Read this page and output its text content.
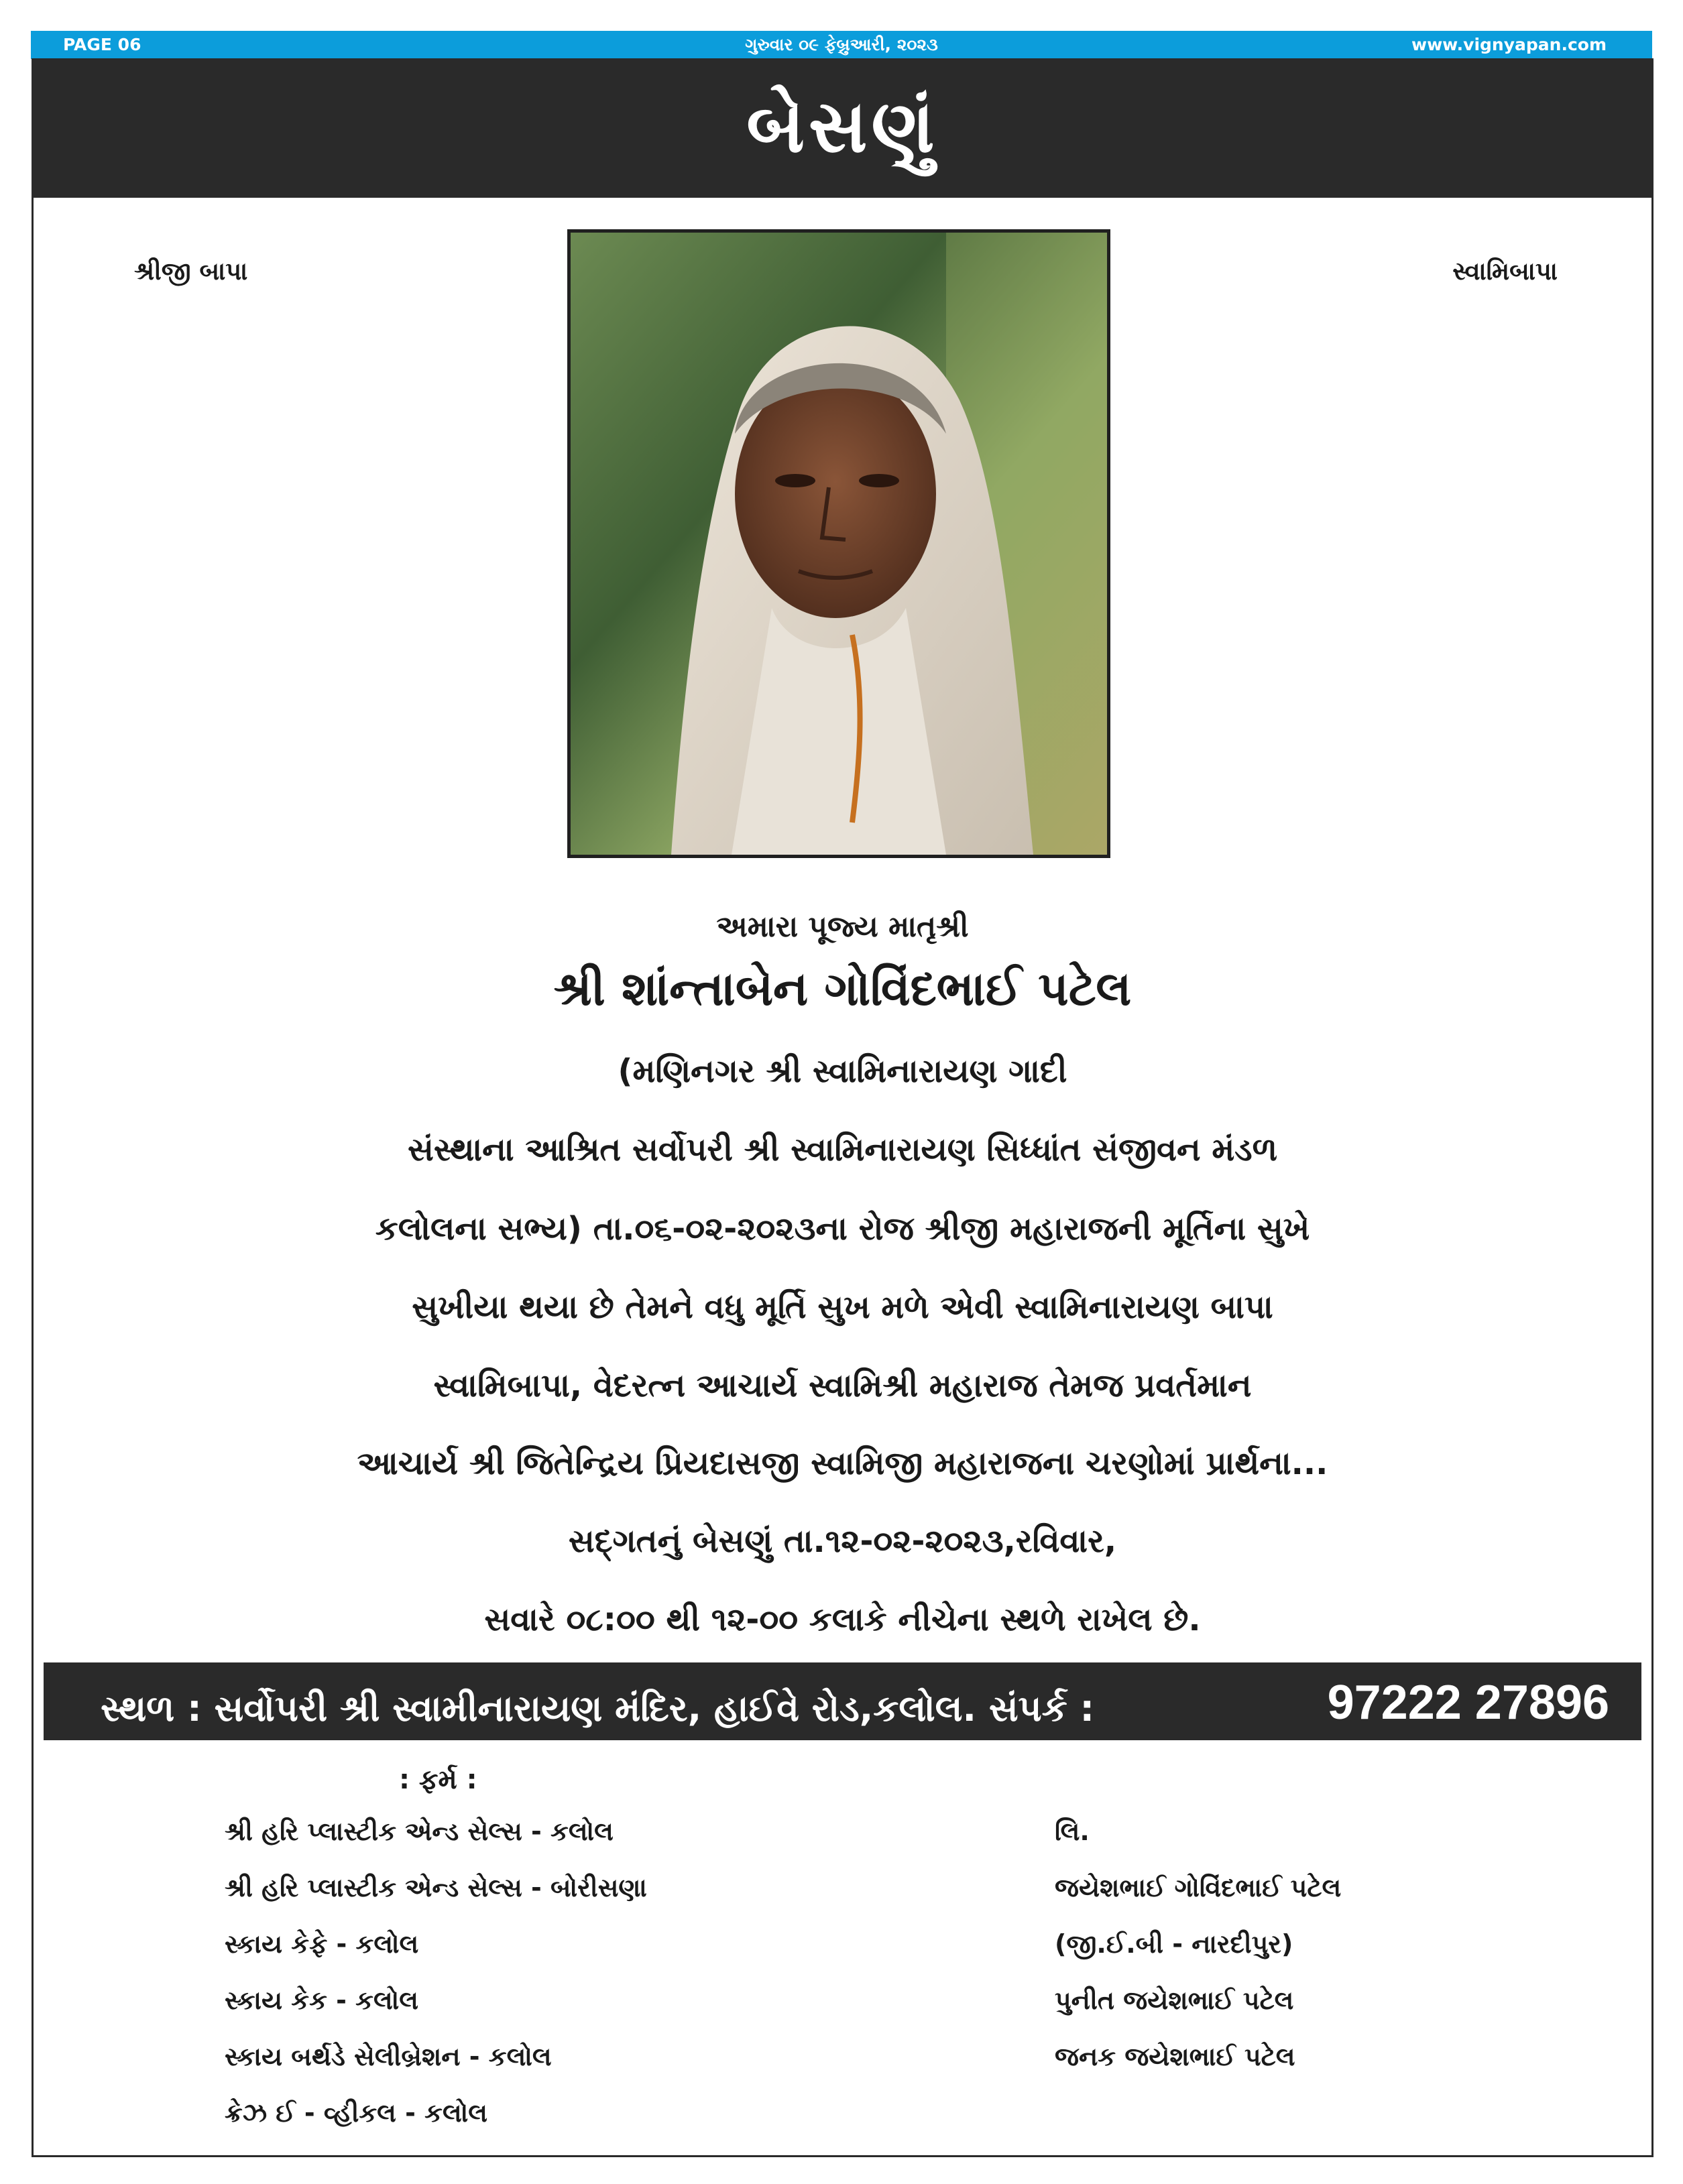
PAGE 06	ગુરુવાર ૦૯ ફેબ્રુઆરી, ૨૦૨૩	www.vignyapan.com
બેસણું
શ્રીજી બાપા	સ્વામિબાપા
અમારા પૂજ્ય માતૃશ્રી
શ્રી શાંન્તાબેન ગોવિંદભાઈ પટેલ
(મણિનગર શ્રી સ્વામિનારાયણ ગાદી
સંસ્થાના આશ્રિત સર્વોપરી શ્રી સ્વામિનારાયણ સિધ્ધાંત સંજીવન મંડળ
કલોલના સભ્ય) તા.૦૬-૦૨-૨૦૨૩ના રોજ શ્રીજી મહારાજની મૂર્તિના સુખે
સુખીયા થયા છે તેમને વધુ મૂર્તિ સુખ મળે એવી સ્વામિનારાયણ બાપા
સ્વામિબાપા, વેદરત્ન આચાર્ય સ્વામિશ્રી મહારાજ તેમજ પ્રવર્તમાન
આચાર્ય શ્રી જિતેન્દ્રિય પ્રિયદાસજી સ્વામિજી મહારાજના ચરણોમાં પ્રાર્થના...
સદ્‌ગતનું બેસણું તા.૧૨-૦૨-૨૦૨૩,રવિવાર,
સવારે ૦૮:૦૦ થી ૧૨-૦૦ કલાકે નીચેના સ્થળે રાખેલ છે.
સ્થળ : સર્વોપરી શ્રી સ્વામીનારાયણ મંદિર, હાઈવે રોડ,કલોલ. સંપર્ક :	97222 27896
: ફર્મ :
શ્રી હરિ પ્લાસ્ટીક એન્ડ સેલ્સ - કલોલ
શ્રી હરિ પ્લાસ્ટીક એન્ડ સેલ્સ - બોરીસણા
સ્કાય કેફે - કલોલ
સ્કાય કેક - કલોલ
સ્કાય બર્થડે સેલીબ્રેશન - કલોલ
ક્રેઝ ઈ - વ્હીકલ - કલોલ
લિ.
જયેશભાઈ ગોવિંદભાઈ પટેલ
(જી.ઈ.બી - નારદીપુર)
પુનીત જયેશભાઈ પટેલ
જનક જયેશભાઈ પટેલ
